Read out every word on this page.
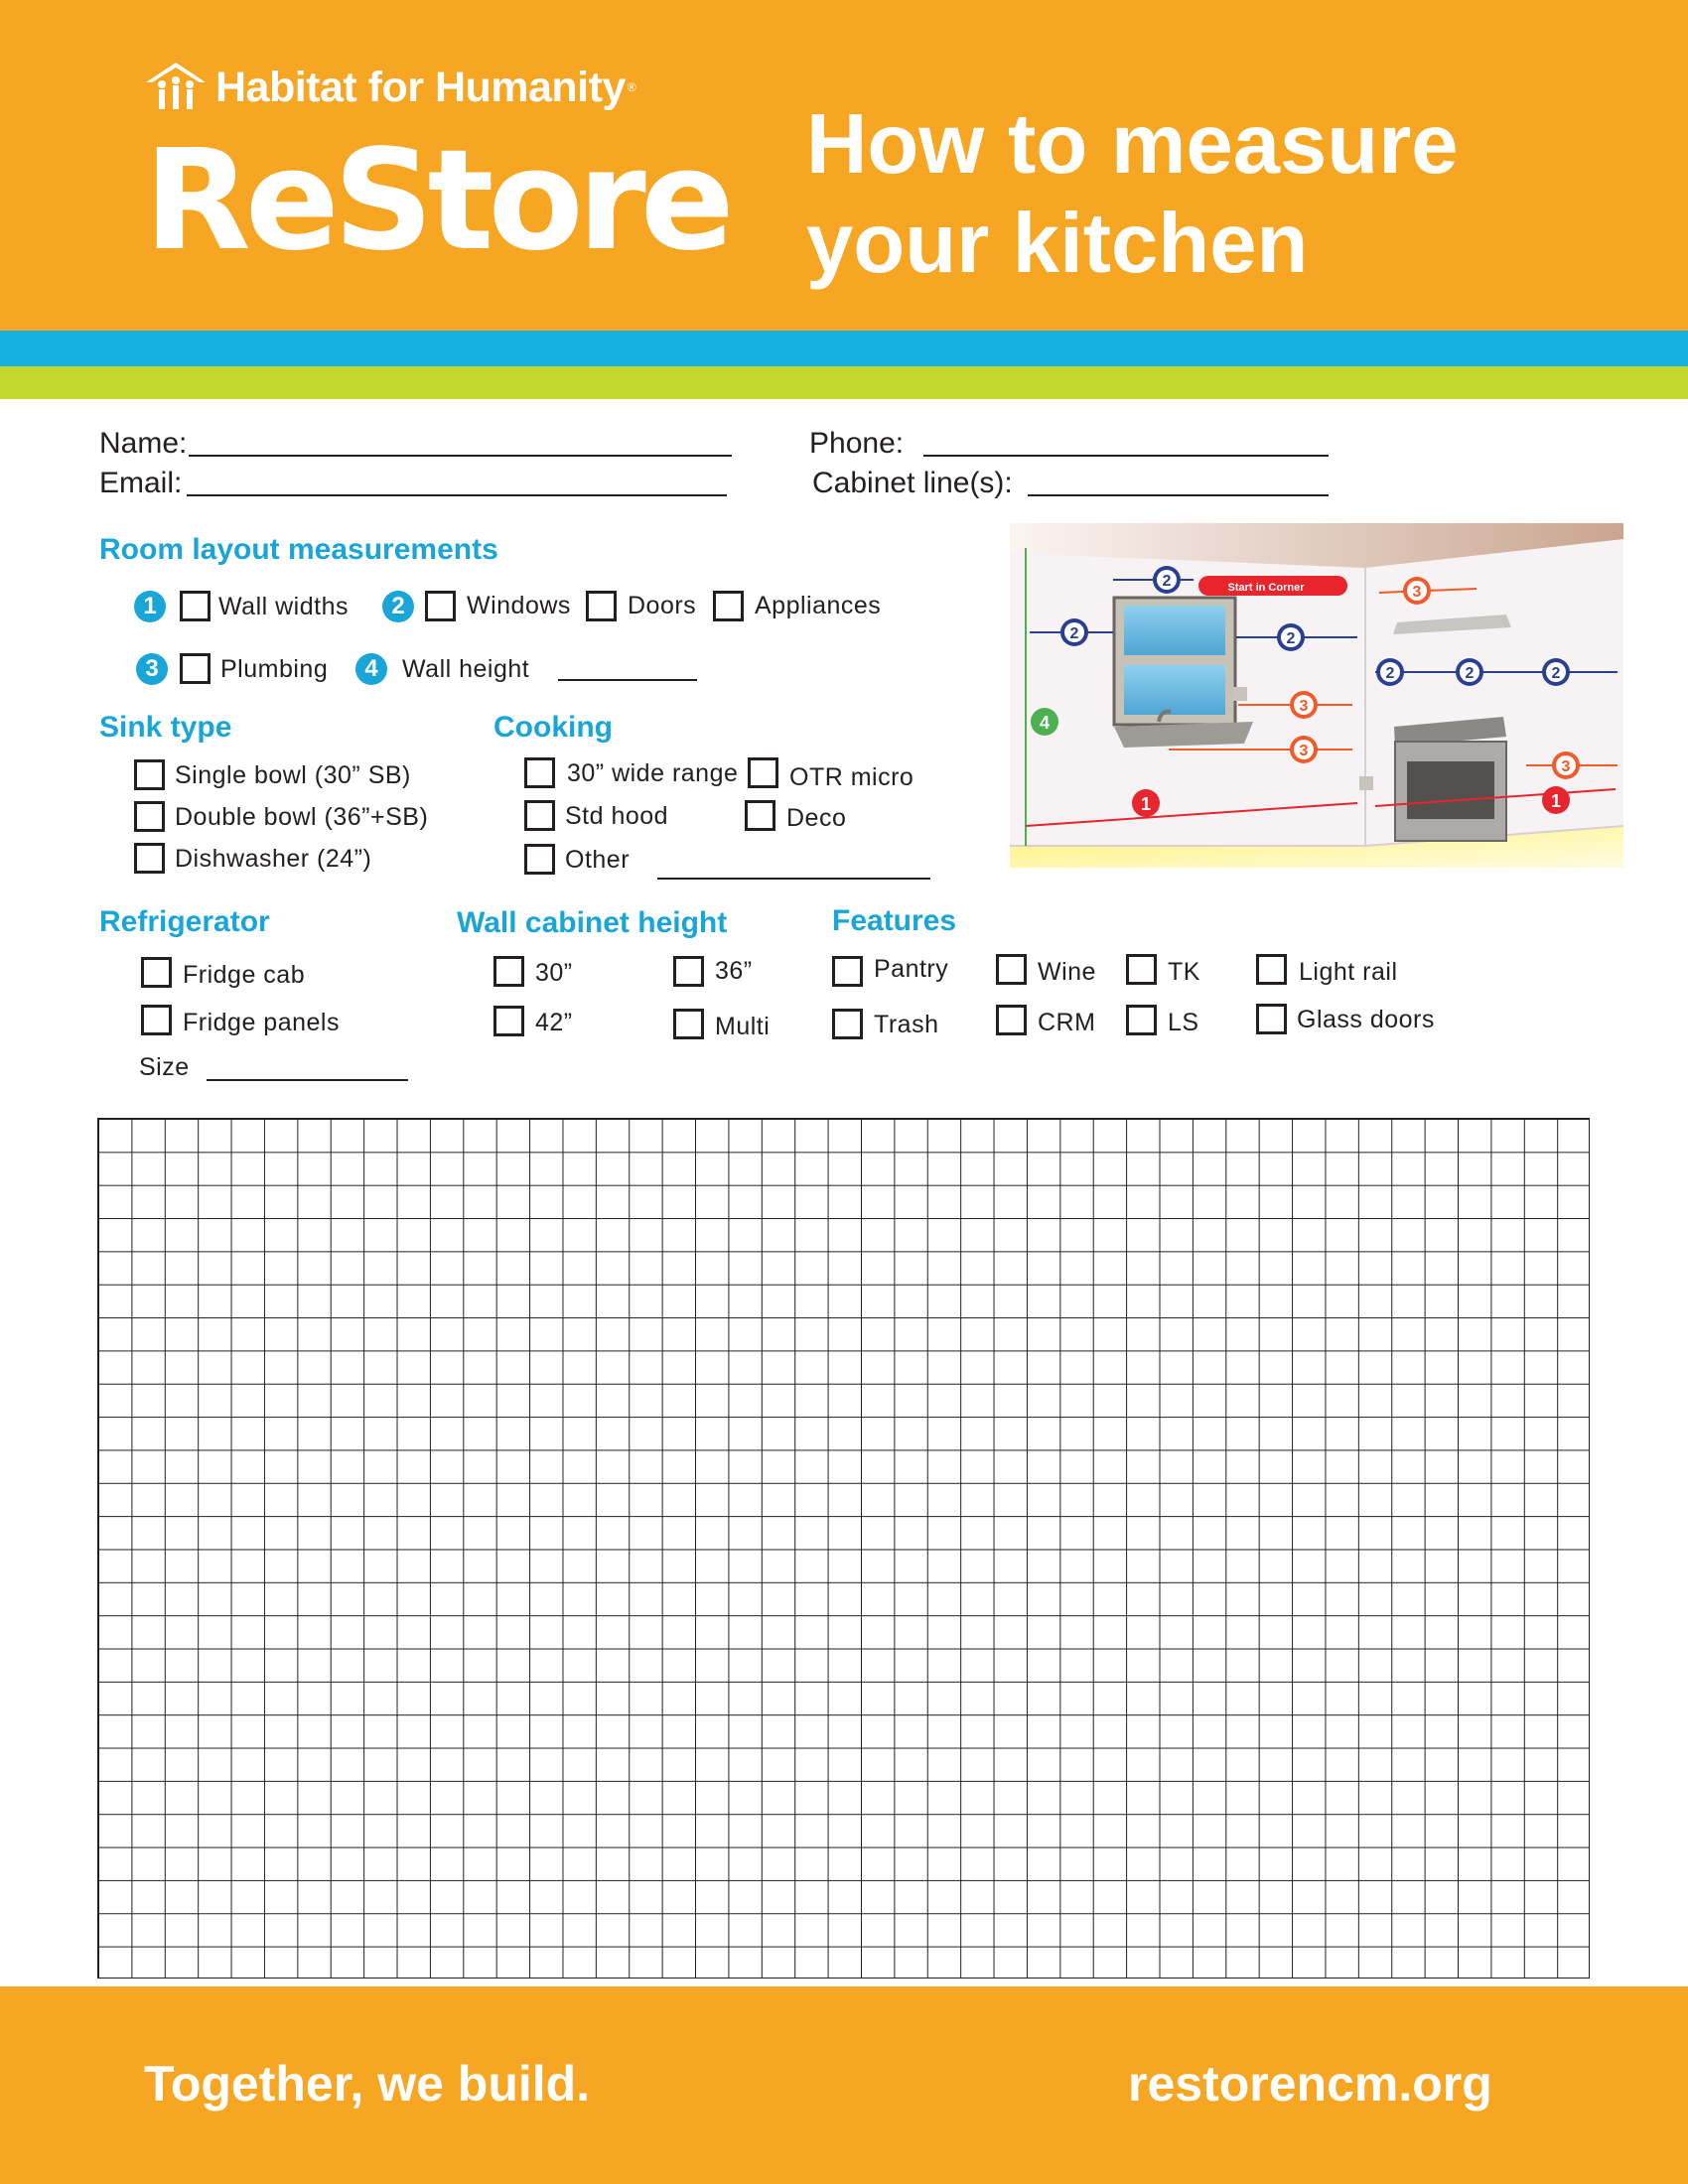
Habitat for Humanity ®
ReStore How to measure
your kitchen
Name:
Email:
Phone:
Cabinet line(s):
Room layout measurements
1	Wall widths	2	Windows Doors Appliances
3	Plumbing	4 Wall height
Sink type
Single bowl (30” SB)
Double bowl (36”+SB)
Dishwasher (24”)
Cooking
30” wide range OTR micro
Std hood	Deco
Other
4
1	1
Start in Corner
2
2	2
2	2	2
3
3
3
3
Refrigerator
Fridge cab
Fridge panels
Size
Wall cabinet height
30”	36”
42”	Multi
Features
Pantry	Wine	TK	Light rail
Trash	CRM	LS	Glass doors
Together, we build.	restorencm.org
